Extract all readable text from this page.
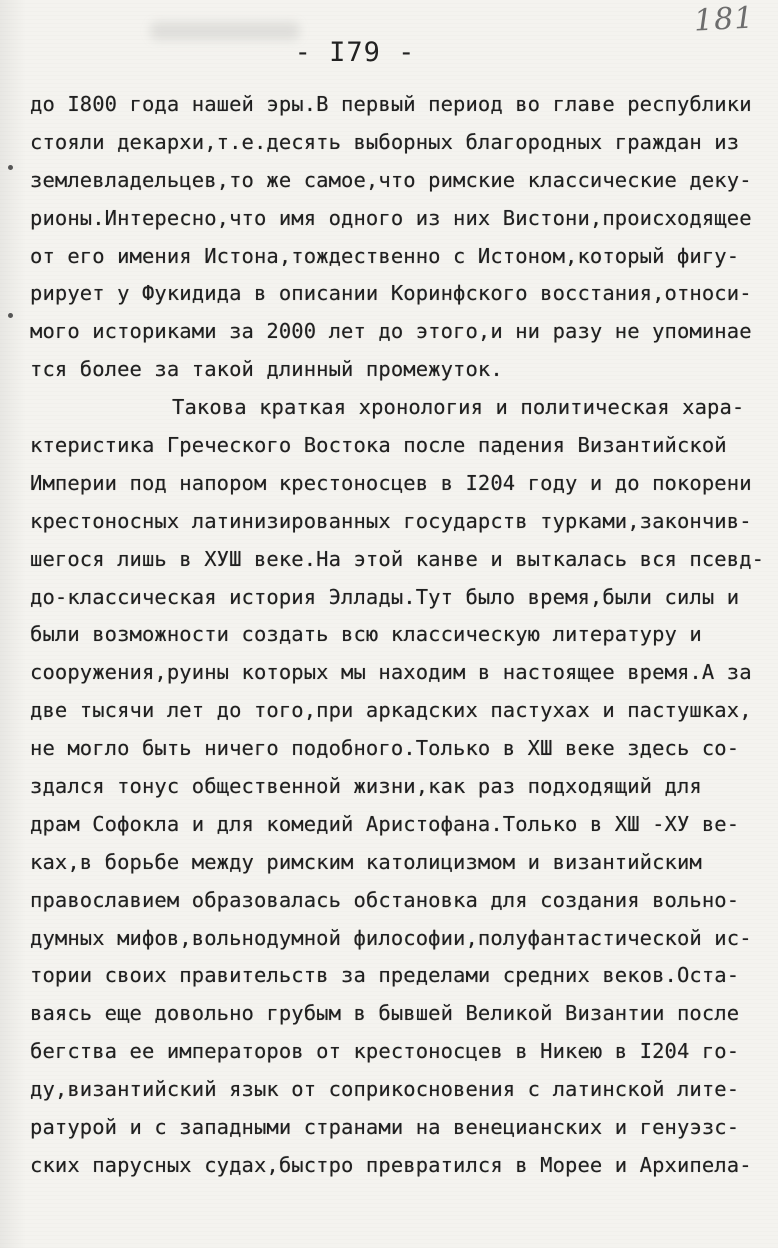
181
- I79 -
до I800 года нашей эры.В первый период во главе республики
стояли декархи,т.е.десять выборных благородных граждан из
землевладельцев,то же самое,что римские классические деку-
рионы.Интересно,что имя одного из них Вистони,происходящее
от его имения Истона,тождественно с Истоном,который фигу-
рирует у Фукидида в описании Коринфского восстания,относи-
мого историками за 2000 лет до этого,и ни разу не упоминае
тся более за такой длинный промежуток.
Такова краткая хронология и политическая хара-
ктеристика Греческого Востока после падения Византийской
Империи под напором крестоносцев в I204 году и до покорени
крестоносных латинизированных государств турками,закончив-
шегося лишь в ХУШ веке.На этой канве и выткалась вся псевд-
до-классическая история Эллады.Тут было время,были силы и
были возможности создать всю классическую литературу и
сооружения,руины которых мы находим в настоящее время.А за
две тысячи лет до того,при аркадских пастухах и пастушках,
не могло быть ничего подобного.Только в ХШ веке здесь со-
здался тонус общественной жизни,как раз подходящий для
драм Софокла и для комедий Аристофана.Только в ХШ -ХУ ве-
ках,в борьбе между римским католицизмом и византийским
православием образовалась обстановка для создания вольно-
думных мифов,вольнодумной философии,полуфантастической ис-
тории своих правительств за пределами средних веков.Оста-
ваясь еще довольно грубым в бывшей Великой Византии после
бегства ее императоров от крестоносцев в Никею в I204 го-
ду,византийский язык от соприкосновения с латинской лите-
ратурой и с западными странами на венецианских и генуэзс-
ских парусных судах,быстро превратился в Морее и Архипела-
